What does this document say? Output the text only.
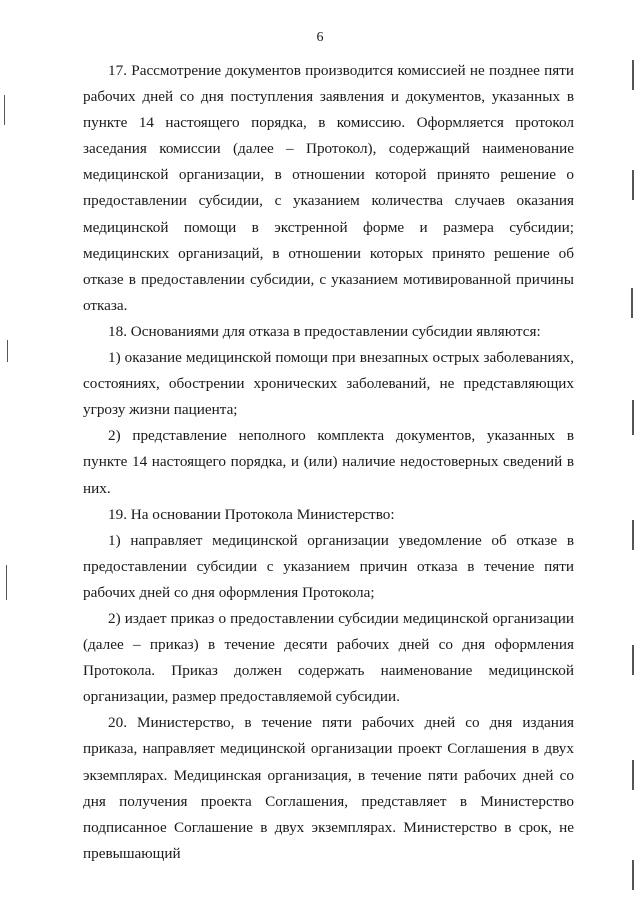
6

17. Рассмотрение документов производится комиссией не позднее пяти рабочих дней со дня поступления заявления и документов, указанных в пункте 14 настоящего порядка, в комиссию. Оформляется протокол заседания комиссии (далее – Протокол), содержащий наименование медицинской организации, в отношении которой принято решение о предоставлении субсидии, с указанием количества случаев оказания медицинской помощи в экстренной форме и размера субсидии; медицинских организаций, в отношении которых принято решение об отказе в предоставлении субсидии, с указанием мотивированной причины отказа.

18. Основаниями для отказа в предоставлении субсидии являются:

1) оказание медицинской помощи при внезапных острых заболеваниях, состояниях, обострении хронических заболеваний, не представляющих угрозу жизни пациента;

2) представление неполного комплекта документов, указанных в пункте 14 настоящего порядка, и (или) наличие недостоверных сведений в них.

19. На основании Протокола Министерство:

1) направляет медицинской организации уведомление об отказе в предоставлении субсидии с указанием причин отказа в течение пяти рабочих дней со дня оформления Протокола;

2) издает приказ о предоставлении субсидии медицинской организации (далее – приказ) в течение десяти рабочих дней со дня оформления Протокола. Приказ должен содержать наименование медицинской организации, размер предоставляемой субсидии.

20. Министерство, в течение пяти рабочих дней со дня издания приказа, направляет медицинской организации проект Соглашения в двух экземплярах. Медицинская организация, в течение пяти рабочих дней со дня получения проекта Соглашения, представляет в Министерство подписанное Соглашение в двух экземплярах. Министерство в срок, не превышающий
